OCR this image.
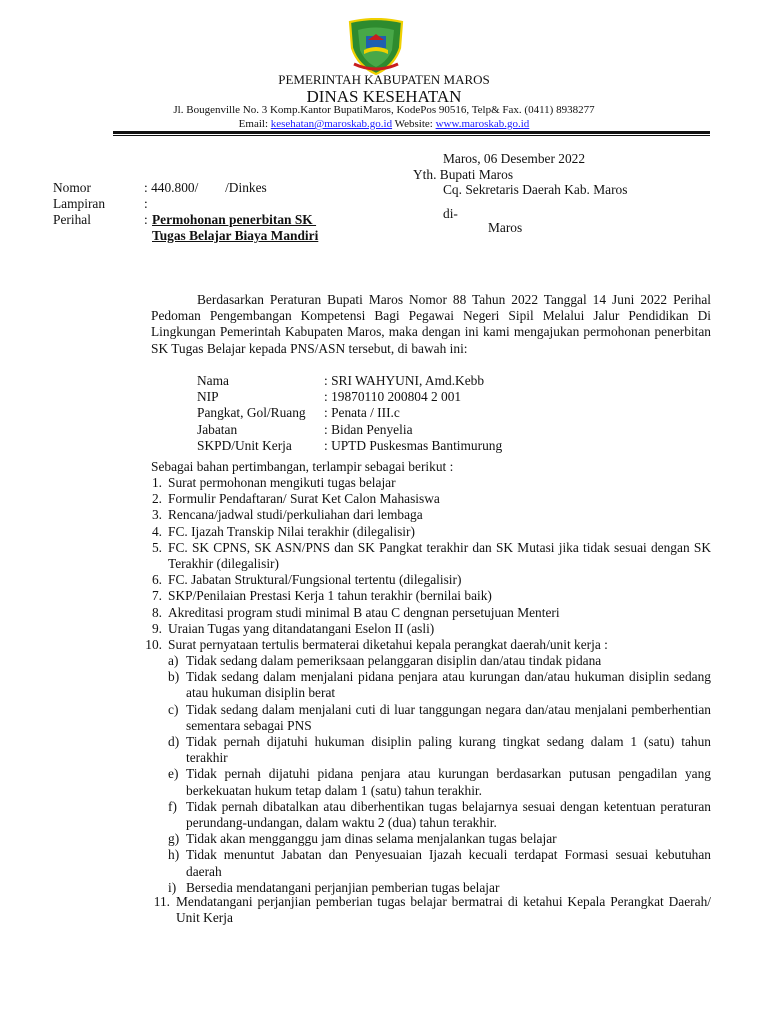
PEMERINTAH KABUPATEN MAROS
DINAS KESEHATAN
Jl. Bougenville No. 3 Komp.Kantor BupatiMaros, KodePos 90516, Telp& Fax. (0411) 8938277
Email: kesehatan@maroskab.go.id Website: www.maroskab.go.id
Maros, 06 Desember 2022
Yth. Bupati Maros
Cq. Sekretaris Daerah Kab. Maros
di-
Maros
Nomor	: 440.800/        /Dinkes
Lampiran	:
Perihal	: Permohonan penerbitan SK
Tugas Belajar Biaya Mandiri
Berdasarkan Peraturan Bupati Maros Nomor 88 Tahun 2022 Tanggal 14 Juni 2022 Perihal Pedoman Pengembangan Kompetensi Bagi Pegawai Negeri Sipil Melalui Jalur Pendidikan Di Lingkungan Pemerintah Kabupaten Maros, maka dengan ini kami mengajukan permohonan penerbitan SK Tugas Belajar kepada PNS/ASN tersebut, di bawah ini:
Nama	: SRI WAHYUNI, Amd.Kebb
NIP	: 19870110 200804 2 001
Pangkat, Gol/Ruang : Penata / III.c
Jabatan	: Bidan Penyelia
SKPD/Unit Kerja : UPTD Puskesmas Bantimurung
Sebagai bahan pertimbangan, terlampir sebagai berikut :
1. Surat permohonan mengikuti tugas belajar
2. Formulir Pendaftaran/ Surat Ket Calon Mahasiswa
3. Rencana/jadwal studi/perkuliahan dari lembaga
4. FC. Ijazah Transkip Nilai terakhir (dilegalisir)
5. FC. SK CPNS, SK ASN/PNS dan SK Pangkat terakhir dan SK Mutasi jika tidak sesuai dengan SK Terakhir (dilegalisir)
6. FC. Jabatan Struktural/Fungsional tertentu (dilegalisir)
7. SKP/Penilaian Prestasi Kerja 1 tahun terakhir (bernilai baik)
8. Akreditasi program studi minimal B atau C dengnan persetujuan Menteri
9. Uraian Tugas yang ditandatangani Eselon II (asli)
10. Surat pernyataan tertulis bermaterai diketahui kepala perangkat daerah/unit kerja :
a) Tidak sedang dalam pemeriksaan pelanggaran disiplin dan/atau tindak pidana
b) Tidak sedang dalam menjalani pidana penjara atau kurungan dan/atau hukuman disiplin sedang atau hukuman disiplin berat
c) Tidak sedang dalam menjalani cuti di luar tanggungan negara dan/atau menjalani pemberhentian sementara sebagai PNS
d) Tidak pernah dijatuhi hukuman disiplin paling kurang tingkat sedang dalam 1 (satu) tahun terakhir
e) Tidak pernah dijatuhi pidana penjara atau kurungan berdasarkan putusan pengadilan yang berkekuatan hukum tetap dalam 1 (satu) tahun terakhir.
f) Tidak pernah dibatalkan atau diberhentikan tugas belajarnya sesuai dengan ketentuan peraturan perundang-undangan, dalam waktu 2 (dua) tahun terakhir.
g) Tidak akan mengganggu jam dinas selama menjalankan tugas belajar
h) Tidak menuntut Jabatan dan Penyesuaian Ijazah kecuali terdapat Formasi sesuai kebutuhan daerah
i) Bersedia mendatangani perjanjian pemberian tugas belajar
11. Mendatangani perjanjian pemberian tugas belajar bermatrai di ketahui Kepala Perangkat Daerah/ Unit Kerja
